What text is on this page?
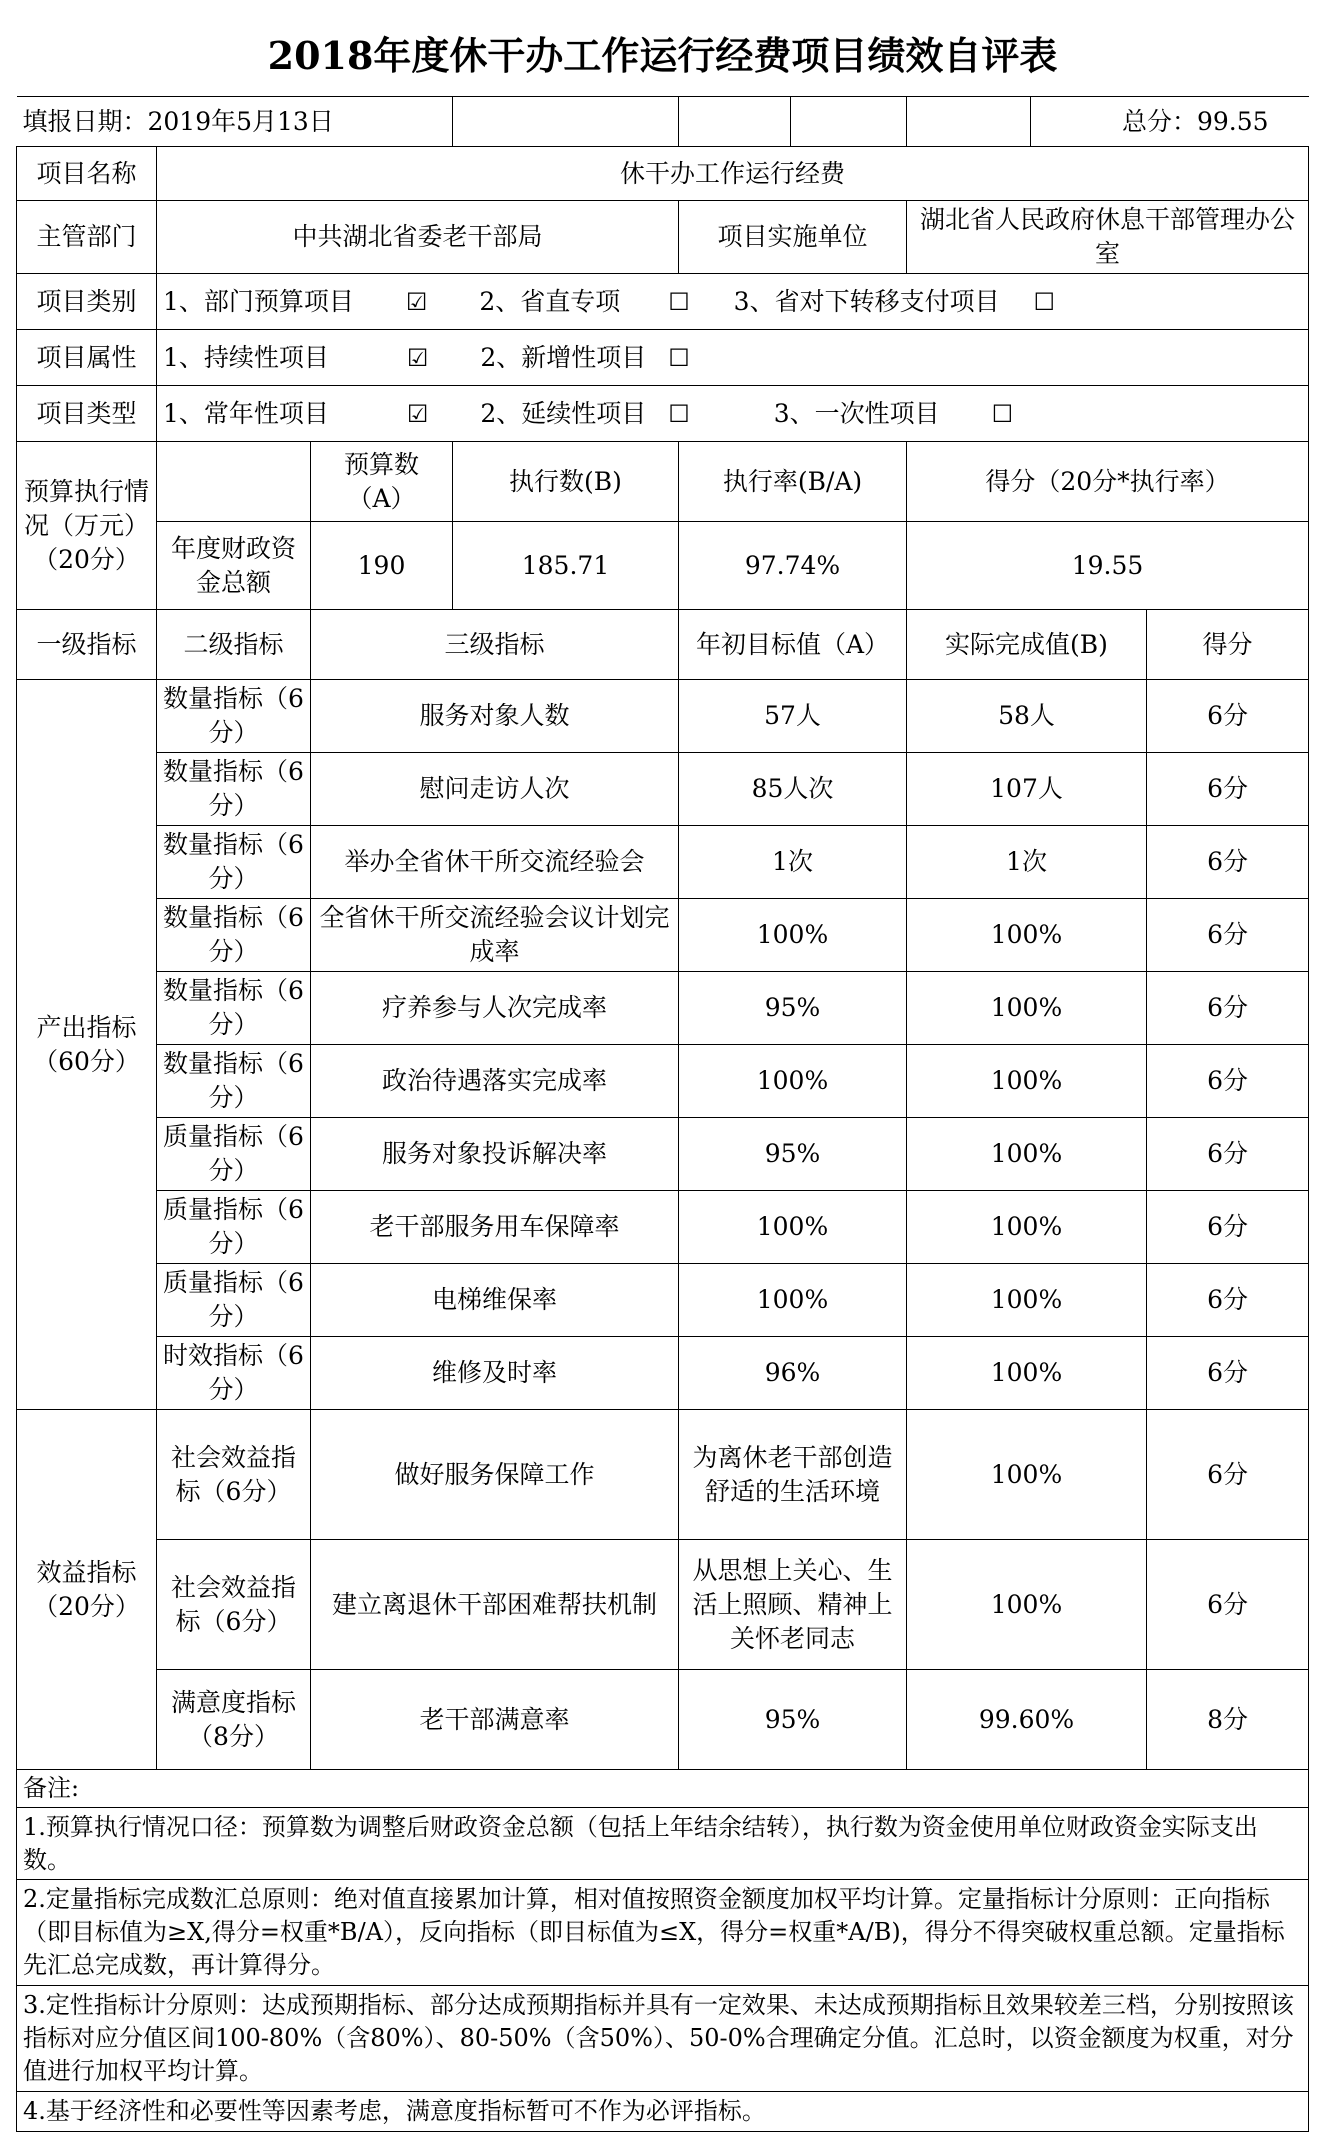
2018年度休干办工作运行经费项目绩效自评表								
填报日期：2019年5月13日							总分：99.55	
项目名称	休干办工作运行经费							
主管部门	中共湖北省委老干部局			项目实施单位		湖北省人民政府休息干部管理办公室		
项目类别	1、部门预算项目 ☑ 2、省直专项 ☐ 3、省对下转移支付项目 ☐							
项目属性	1、持续性项目 ☑ 2、新增性项目 ☐							
项目类型	1、常年性项目 ☑ 2、延续性项目 ☐ 3、一次性项目 ☐							
预算执行情况（万元）（20分）		预算数（A）	执行数(B)	执行率(B/A)		得分（20分*执行率）		
	年度财政资金总额	190	185.71	97.74%		19.55		
一级指标	二级指标	三级指标		年初目标值（A）		实际完成值(B)		得分
产出指标（60分）	数量指标（6分）	服务对象人数		57人		58人		6分
	数量指标（6分）	慰问走访人次		85人次		107人		6分
	数量指标（6分）	举办全省休干所交流经验会		1次		1次		6分
	数量指标（6分）	全省休干所交流经验会议计划完成率		100%		100%		6分
	数量指标（6分）	疗养参与人次完成率		95%		100%		6分
	数量指标（6分）	政治待遇落实完成率		100%		100%		6分
	质量指标（6分）	服务对象投诉解决率		95%		100%		6分
	质量指标（6分）	老干部服务用车保障率		100%		100%		6分
	质量指标（6分）	电梯维保率		100%		100%		6分
	时效指标（6分）	维修及时率		96%		100%		6分
效益指标（20分）	社会效益指标（6分）	做好服务保障工作		为离休老干部创造舒适的生活环境		100%		6分
	社会效益指标（6分）	建立离退休干部困难帮扶机制		从思想上关心、生活上照顾、精神上关怀老同志		100%		6分
	满意度指标（8分）	老干部满意率		95%		99.60%		8分
备注:								
1.预算执行情况口径：预算数为调整后财政资金总额（包括上年结余结转），执行数为资金使用单位财政资金实际支出数。								
2.定量指标完成数汇总原则：绝对值直接累加计算，相对值按照资金额度加权平均计算。定量指标计分原则：正向指标（即目标值为≥X,得分=权重*B/A），反向指标（即目标值为≤X，得分=权重*A/B)，得分不得突破权重总额。定量指标先汇总完成数，再计算得分。								
3.定性指标计分原则：达成预期指标、部分达成预期指标并具有一定效果、未达成预期指标且效果较差三档，分别按照该指标对应分值区间100-80%（含80%）、80-50%（含50%）、50-0%合理确定分值。汇总时，以资金额度为权重，对分值进行加权平均计算。								
4.基于经济性和必要性等因素考虑，满意度指标暂可不作为必评指标。								
